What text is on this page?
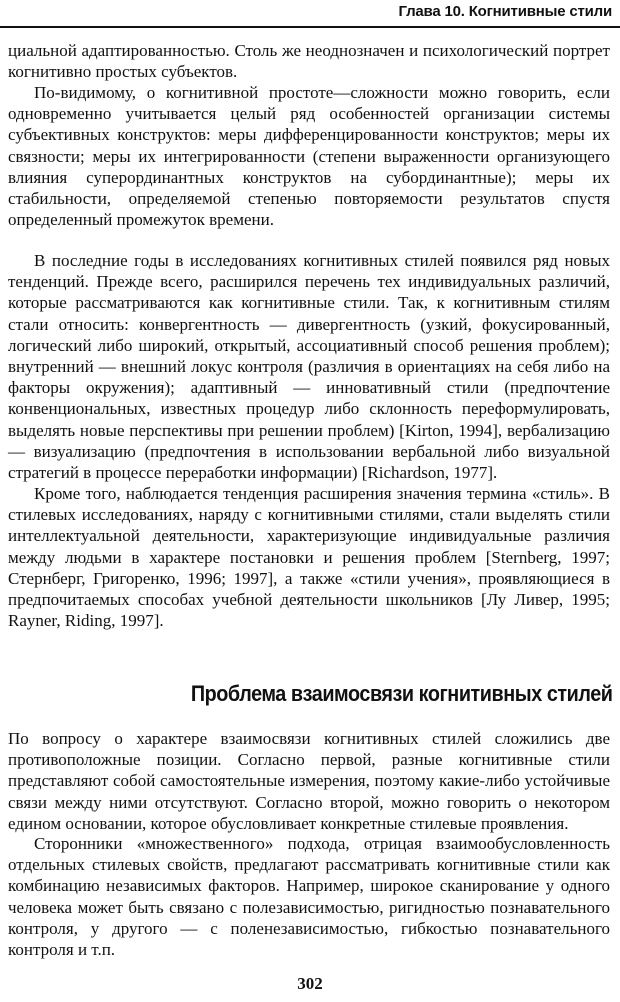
Глава 10. Когнитивные стили

циальной адаптированностью. Столь же неоднозначен и психологический портрет когнитивно простых субъектов.

По-видимому, о когнитивной простоте—сложности можно говорить, если одновременно учитывается целый ряд особенностей организации системы субъективных конструктов: меры дифференцированности конструктов; меры их связности; меры их интегрированности (степени выраженности организующего влияния суперординантных конструктов на субординантные); меры их стабильности, определяемой степенью повторяемости результатов спустя определенный промежуток времени.

В последние годы в исследованиях когнитивных стилей появился ряд новых тенденций. Прежде всего, расширился перечень тех индивидуальных различий, которые рассматриваются как когнитивные стили. Так, к когнитивным стилям стали относить: конвергентность — дивергентность (узкий, фокусированный, логический либо широкий, открытый, ассоциативный способ решения проблем); внутренний — внешний локус контроля (различия в ориентациях на себя либо на факторы окружения); адаптивный — инновативный стили (предпочтение конвенциональных, известных процедур либо склонность переформулировать, выделять новые перспективы при решении проблем) [Kirton, 1994], вербализацию — визуализацию (предпочтения в использовании вербальной либо визуальной стратегий в процессе переработки информации) [Richardson, 1977].

Кроме того, наблюдается тенденция расширения значения термина «стиль». В стилевых исследованиях, наряду с когнитивными стилями, стали выделять стили интеллектуальной деятельности, характеризующие индивидуальные различия между людьми в характере постановки и решения проблем [Sternberg, 1997; Стернберг, Григоренко, 1996; 1997], а также «стили учения», проявляющиеся в предпочитаемых способах учебной деятельности школьников [Лу Ливер, 1995; Rayner, Riding, 1997].

Проблема взаимосвязи когнитивных стилей

По вопросу о характере взаимосвязи когнитивных стилей сложились две противоположные позиции. Согласно первой, разные когнитивные стили представляют собой самостоятельные измерения, поэтому какие-либо устойчивые связи между ними отсутствуют. Согласно второй, можно говорить о некотором едином основании, которое обусловливает конкретные стилевые проявления.

Сторонники «множественного» подхода, отрицая взаимообусловленность отдельных стилевых свойств, предлагают рассматривать когнитивные стили как комбинацию независимых факторов. Например, широкое сканирование у одного человека может быть связано с полезависимостью, ригидностью познавательного контроля, у другого — с поленезависимостью, гибкостью познавательного контроля и т.п.

302
